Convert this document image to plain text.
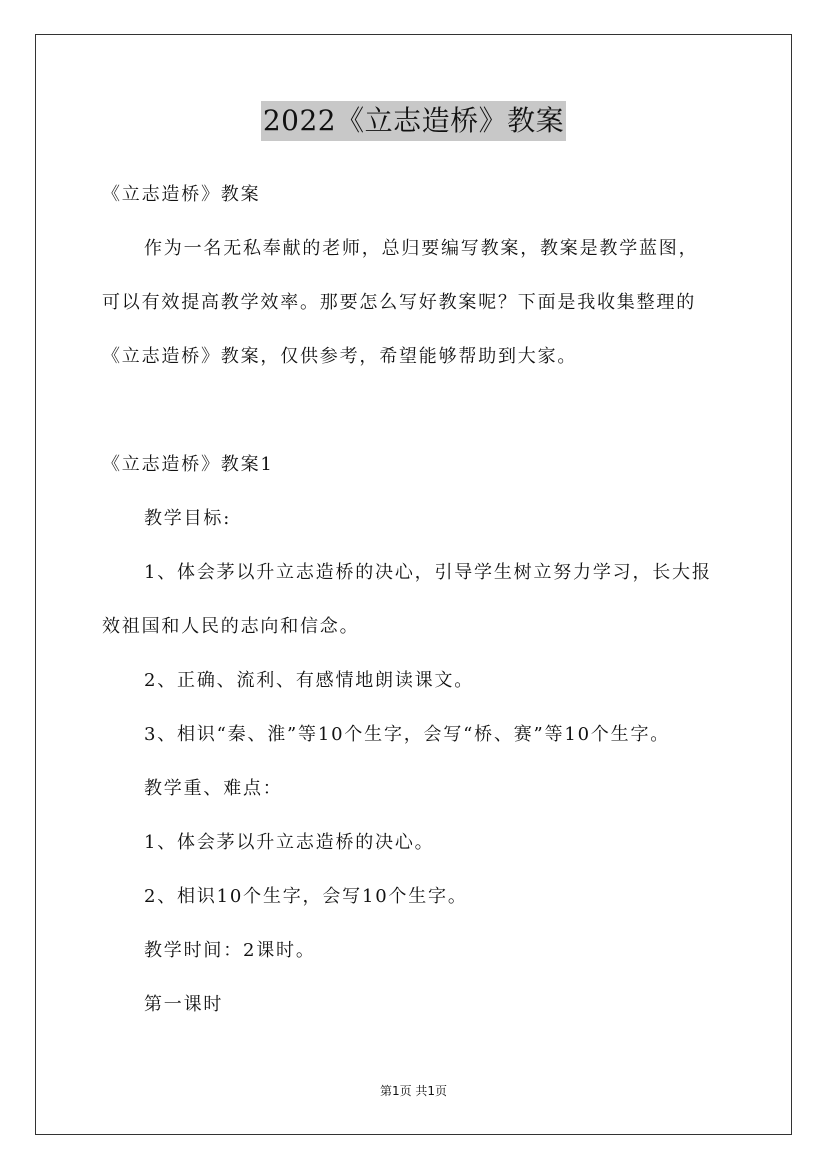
2022《立志造桥》教案
《立志造桥》教案
作为一名无私奉献的老师，总归要编写教案，教案是教学蓝图，
可以有效提高教学效率。那要怎么写好教案呢？下面是我收集整理的
《立志造桥》教案，仅供参考，希望能够帮助到大家。
《立志造桥》教案1
教学目标:
1、体会茅以升立志造桥的决心，引导学生树立努力学习，长大报
效祖国和人民的志向和信念。
2、正确、流利、有感情地朗读课文。
3、相识“秦、淮”等10个生字，会写“桥、赛”等10个生字。
教学重、难点：
1、体会茅以升立志造桥的决心。
2、相识10个生字，会写10个生字。
教学时间：2课时。
第一课时
第1页 共1页
